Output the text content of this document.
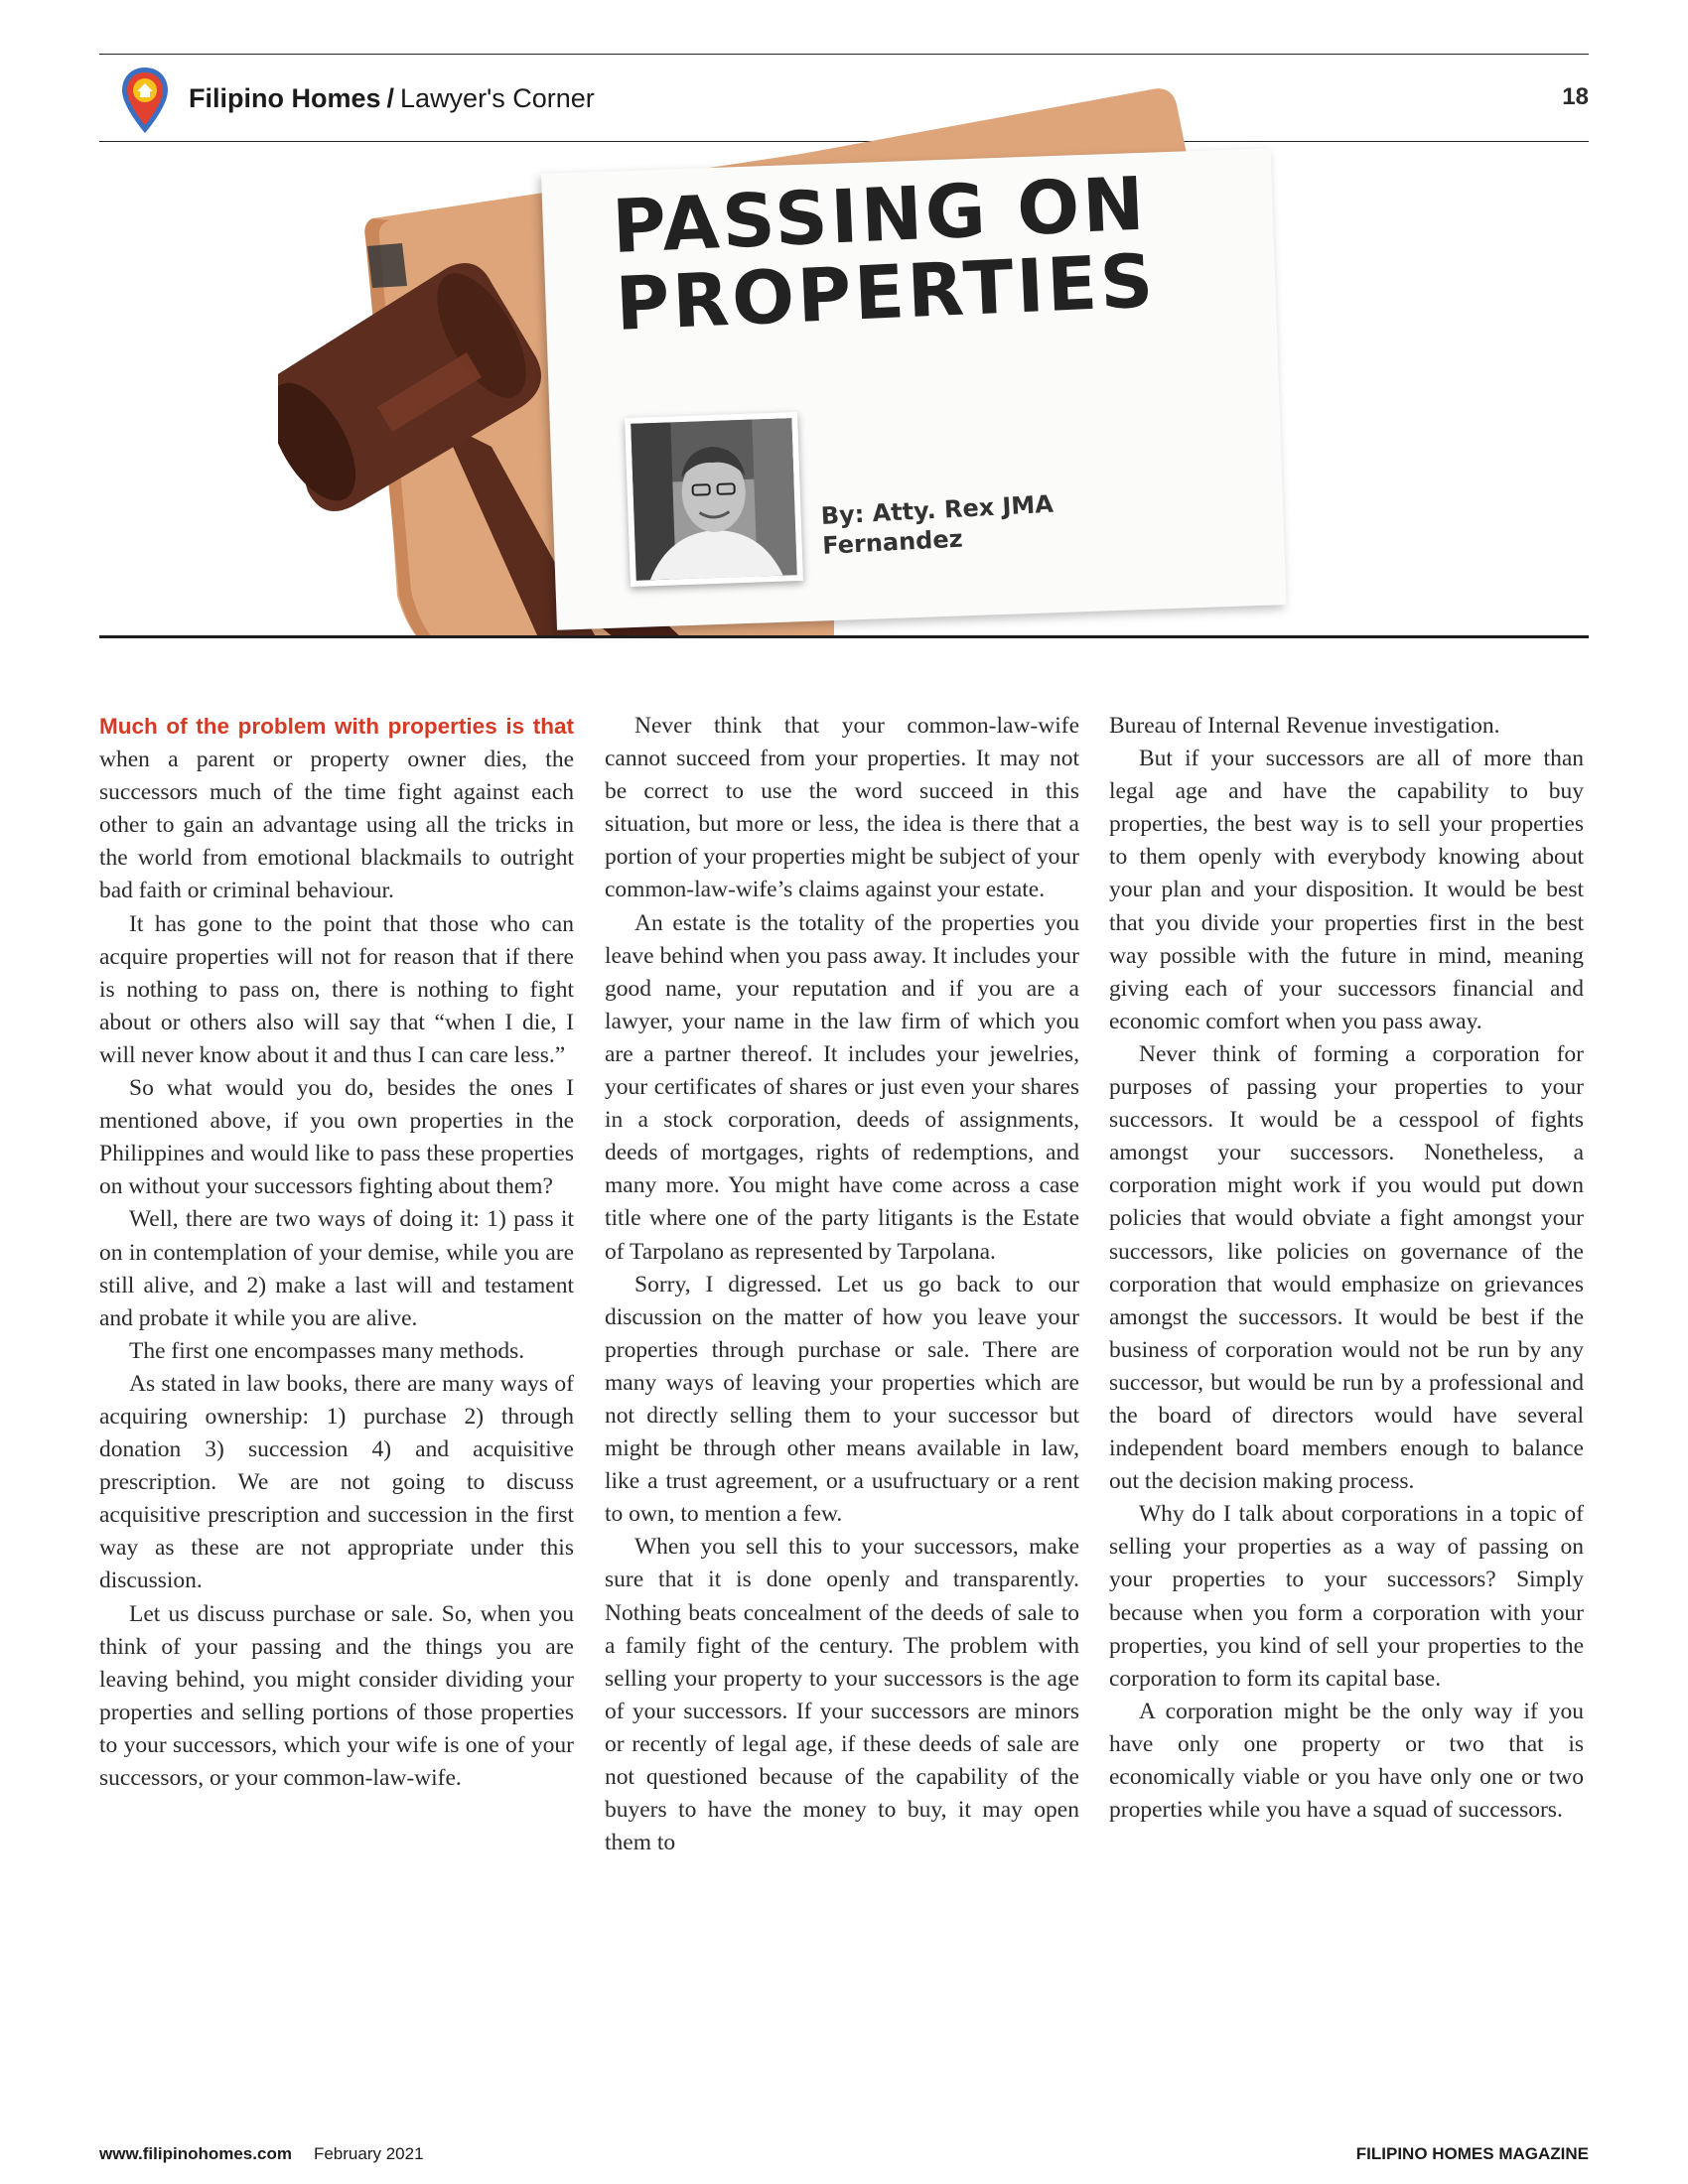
Filipino Homes / Lawyer's Corner	18
PASSING ON
PROPERTIES
By: Atty. Rex JMA
Fernandez

Much of the problem with properties is that when a parent or property owner dies, the successors much of the time fight against each other to gain an advantage using all the tricks in the world from emotional blackmails to outright bad faith or criminal behaviour.

It has gone to the point that those who can acquire properties will not for reason that if there is nothing to pass on, there is nothing to fight about or others also will say that “when I die, I will never know about it and thus I can care less.”

So what would you do, besides the ones I mentioned above, if you own properties in the Philippines and would like to pass these properties on without your successors fighting about them?

Well, there are two ways of doing it: 1) pass it on in contemplation of your demise, while you are still alive, and 2) make a last will and testament and probate it while you are alive.

The first one encompasses many methods.

As stated in law books, there are many ways of acquiring ownership: 1) purchase 2) through donation 3) succession 4) and acquisitive prescription. We are not going to discuss acquisitive prescription and succession in the first way as these are not appropriate under this discussion.

Let us discuss purchase or sale. So, when you think of your passing and the things you are leaving behind, you might consider dividing your properties and selling portions of those properties to your successors, which your wife is one of your successors, or your common-law-wife.

Never think that your common-law-wife cannot succeed from your properties. It may not be correct to use the word succeed in this situation, but more or less, the idea is there that a portion of your properties might be subject of your common-law-wife’s claims against your estate.

An estate is the totality of the properties you leave behind when you pass away. It includes your good name, your reputation and if you are a lawyer, your name in the law firm of which you are a partner thereof. It includes your jewelries, your certificates of shares or just even your shares in a stock corporation, deeds of assignments, deeds of mortgages, rights of redemptions, and many more. You might have come across a case title where one of the party litigants is the Estate of Tarpolano as represented by Tarpolana.

Sorry, I digressed. Let us go back to our discussion on the matter of how you leave your properties through purchase or sale. There are many ways of leaving your properties which are not directly selling them to your successor but might be through other means available in law, like a trust agreement, or a usufructuary or a rent to own, to mention a few.

When you sell this to your successors, make sure that it is done openly and transparently. Nothing beats concealment of the deeds of sale to a family fight of the century. The problem with selling your property to your successors is the age of your successors. If your successors are minors or recently of legal age, if these deeds of sale are not questioned because of the capability of the buyers to have the money to buy, it may open them to

Bureau of Internal Revenue investigation.

But if your successors are all of more than legal age and have the capability to buy properties, the best way is to sell your properties to them openly with everybody knowing about your plan and your disposition. It would be best that you divide your properties first in the best way possible with the future in mind, meaning giving each of your successors financial and economic comfort when you pass away.

Never think of forming a corporation for purposes of passing your properties to your successors. It would be a cesspool of fights amongst your successors. Nonetheless, a corporation might work if you would put down policies that would obviate a fight amongst your successors, like policies on governance of the corporation that would emphasize on grievances amongst the successors. It would be best if the business of corporation would not be run by any successor, but would be run by a professional and the board of directors would have several independent board members enough to balance out the decision making process.

Why do I talk about corporations in a topic of selling your properties as a way of passing on your properties to your successors? Simply because when you form a corporation with your properties, you kind of sell your properties to the corporation to form its capital base.

A corporation might be the only way if you have only one property or two that is economically viable or you have only one or two properties while you have a squad of successors.

www.filipinohomes.com February 2021	FILIPINO HOMES MAGAZINE
